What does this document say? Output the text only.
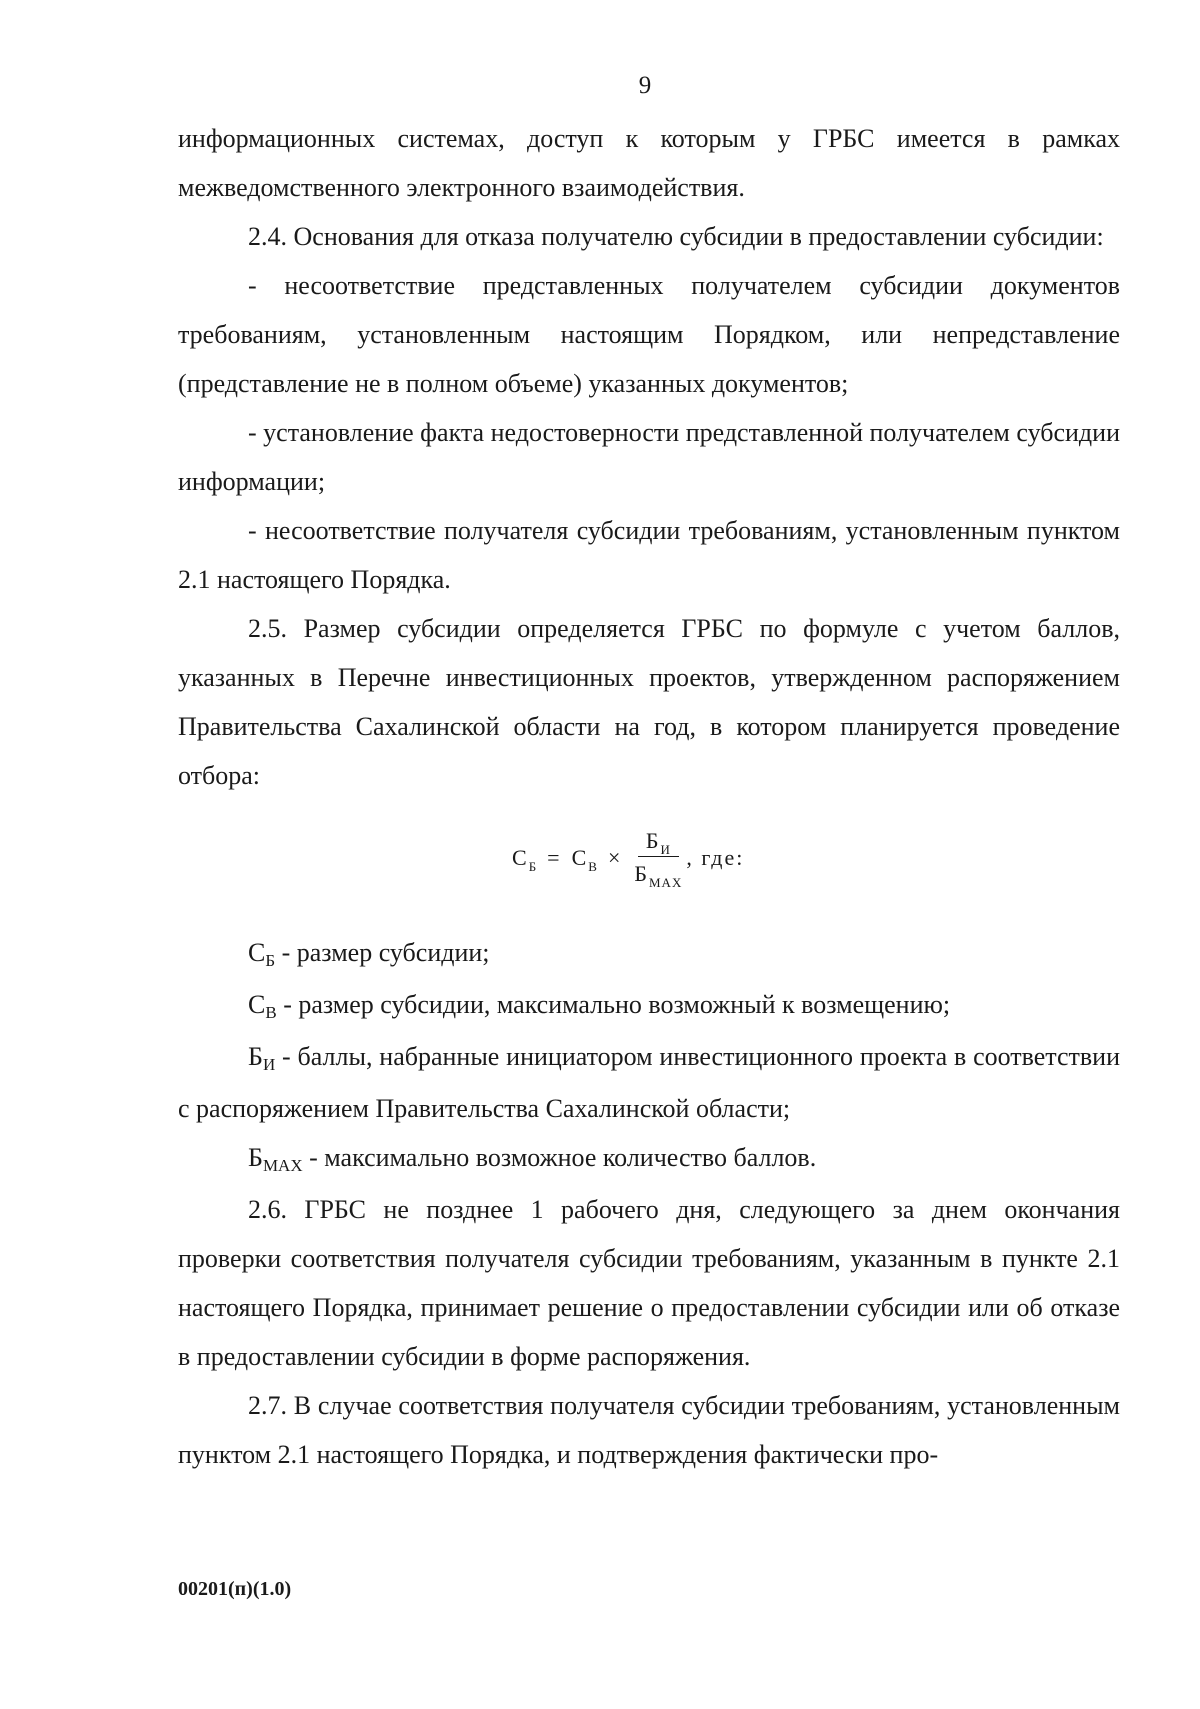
9

информационных системах, доступ к которым у ГРБС имеется в рамках межведомственного электронного взаимодействия.

2.4. Основания для отказа получателю субсидии в предоставлении субсидии:

- несоответствие представленных получателем субсидии документов требованиям, установленным настоящим Порядком, или непредставление (представление не в полном объеме) указанных документов;

- установление факта недостоверности представленной получателем субсидии информации;

- несоответствие получателя субсидии требованиям, установленным пунктом 2.1 настоящего Порядка.

2.5. Размер субсидии определяется ГРБС по формуле с учетом баллов, указанных в Перечне инвестиционных проектов, утвержденном распоряжением Правительства Сахалинской области на год, в котором планируется проведение отбора:

$С_Б = С_В \times \frac{Б_И}{Б_{МАХ}}$ , где:

СБ - размер субсидии;

СВ - размер субсидии, максимально возможный к возмещению;

БИ - баллы, набранные инициатором инвестиционного проекта в соответствии с распоряжением Правительства Сахалинской области;

БМАХ - максимально возможное количество баллов.

2.6. ГРБС не позднее 1 рабочего дня, следующего за днем окончания проверки соответствия получателя субсидии требованиям, указанным в пункте 2.1 настоящего Порядка, принимает решение о предоставлении субсидии или об отказе в предоставлении субсидии в форме распоряжения.

2.7. В случае соответствия получателя субсидии требованиям, установленным пунктом 2.1 настоящего Порядка, и подтверждения фактически про-

00201(п)(1.0)
